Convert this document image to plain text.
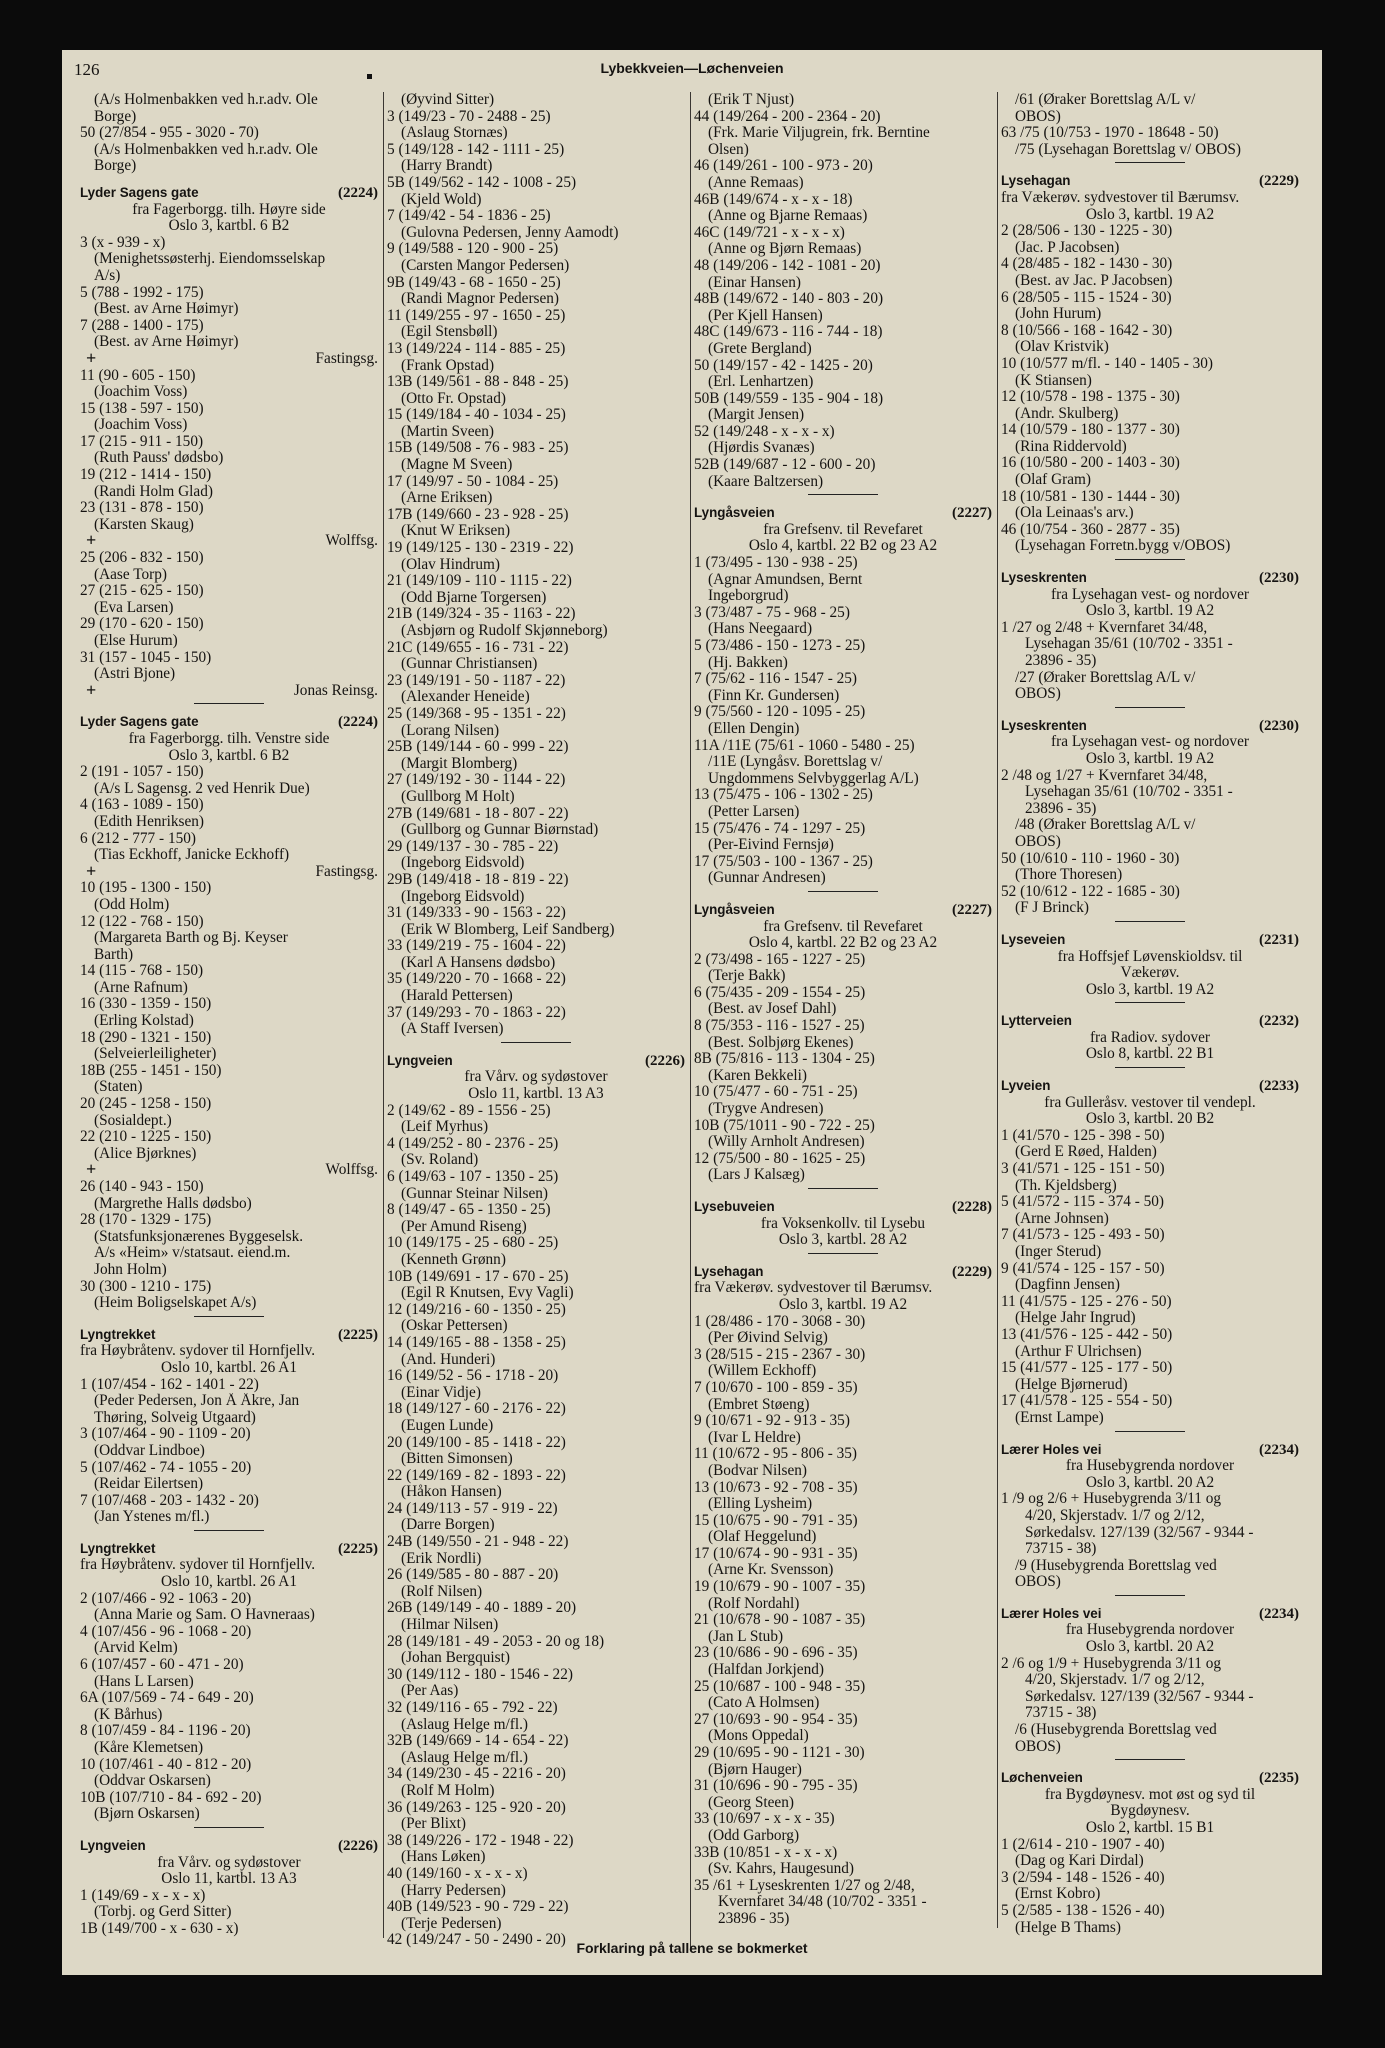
126	Lybekkveien—Løchenveien
(A/s Holmenbakken ved h.r.adv. Ole
Borge)
50 (27/854 - 955 - 3020 - 70)
(A/s Holmenbakken ved h.r.adv. Ole
Borge)
Lyder Sagens gate	(2224)
fra Fagerborgg. tilh. Høyre side
Oslo 3, kartbl. 6 B2
3 (x - 939 - x)
(Menighetssøsterhj. Eiendomsselskap
A/s)
5 (788 - 1992 - 175)
(Best. av Arne Høimyr)
7 (288 - 1400 - 175)
(Best. av Arne Høimyr)
+	Fastingsg.
11 (90 - 605 - 150)
(Joachim Voss)
15 (138 - 597 - 150)
(Joachim Voss)
17 (215 - 911 - 150)
(Ruth Pauss' dødsbo)
19 (212 - 1414 - 150)
(Randi Holm Glad)
23 (131 - 878 - 150)
(Karsten Skaug)
+	Wolffsg.
25 (206 - 832 - 150)
(Aase Torp)
27 (215 - 625 - 150)
(Eva Larsen)
29 (170 - 620 - 150)
(Else Hurum)
31 (157 - 1045 - 150)
(Astri Bjone)
+	Jonas Reinsg.
Lyder Sagens gate	(2224)
fra Fagerborgg. tilh. Venstre side
Oslo 3, kartbl. 6 B2
2 (191 - 1057 - 150)
(A/s L Sagensg. 2 ved Henrik Due)
4 (163 - 1089 - 150)
(Edith Henriksen)
6 (212 - 777 - 150)
(Tias Eckhoff, Janicke Eckhoff)
+	Fastingsg.
10 (195 - 1300 - 150)
(Odd Holm)
12 (122 - 768 - 150)
(Margareta Barth og Bj. Keyser
Barth)
14 (115 - 768 - 150)
(Arne Rafnum)
16 (330 - 1359 - 150)
(Erling Kolstad)
18 (290 - 1321 - 150)
(Selveierleiligheter)
18B (255 - 1451 - 150)
(Staten)
20 (245 - 1258 - 150)
(Sosialdept.)
22 (210 - 1225 - 150)
(Alice Bjørknes)
+	Wolffsg.
26 (140 - 943 - 150)
(Margrethe Halls dødsbo)
28 (170 - 1329 - 175)
(Statsfunksjonærenes Byggeselsk.
A/s «Heim» v/statsaut. eiend.m.
John Holm)
30 (300 - 1210 - 175)
(Heim Boligselskapet A/s)
Lyngtrekket	(2225)
fra Høybråtenv. sydover til Hornfjellv.
Oslo 10, kartbl. 26 A1
1 (107/454 - 162 - 1401 - 22)
(Peder Pedersen, Jon Å Åkre, Jan
Thøring, Solveig Utgaard)
3 (107/464 - 90 - 1109 - 20)
(Oddvar Lindboe)
5 (107/462 - 74 - 1055 - 20)
(Reidar Eilertsen)
7 (107/468 - 203 - 1432 - 20)
(Jan Ystenes m/fl.)
Lyngtrekket	(2225)
fra Høybråtenv. sydover til Hornfjellv.
Oslo 10, kartbl. 26 A1
2 (107/466 - 92 - 1063 - 20)
(Anna Marie og Sam. O Havneraas)
4 (107/456 - 96 - 1068 - 20)
(Arvid Kelm)
6 (107/457 - 60 - 471 - 20)
(Hans L Larsen)
6A (107/569 - 74 - 649 - 20)
(K Bårhus)
8 (107/459 - 84 - 1196 - 20)
(Kåre Klemetsen)
10 (107/461 - 40 - 812 - 20)
(Oddvar Oskarsen)
10B (107/710 - 84 - 692 - 20)
(Bjørn Oskarsen)
Lyngveien	(2226)
fra Vårv. og sydøstover
Oslo 11, kartbl. 13 A3
1 (149/69 - x - x - x)
(Torbj. og Gerd Sitter)
1B (149/700 - x - 630 - x)
(Øyvind Sitter)
3 (149/23 - 70 - 2488 - 25)
(Aslaug Stornæs)
5 (149/128 - 142 - 1111 - 25)
(Harry Brandt)
5B (149/562 - 142 - 1008 - 25)
(Kjeld Wold)
7 (149/42 - 54 - 1836 - 25)
(Gulovna Pedersen, Jenny Aamodt)
9 (149/588 - 120 - 900 - 25)
(Carsten Mangor Pedersen)
9B (149/43 - 68 - 1650 - 25)
(Randi Magnor Pedersen)
11 (149/255 - 97 - 1650 - 25)
(Egil Stensbøll)
13 (149/224 - 114 - 885 - 25)
(Frank Opstad)
13B (149/561 - 88 - 848 - 25)
(Otto Fr. Opstad)
15 (149/184 - 40 - 1034 - 25)
(Martin Sveen)
15B (149/508 - 76 - 983 - 25)
(Magne M Sveen)
17 (149/97 - 50 - 1084 - 25)
(Arne Eriksen)
17B (149/660 - 23 - 928 - 25)
(Knut W Eriksen)
19 (149/125 - 130 - 2319 - 22)
(Olav Hindrum)
21 (149/109 - 110 - 1115 - 22)
(Odd Bjarne Torgersen)
21B (149/324 - 35 - 1163 - 22)
(Asbjørn og Rudolf Skjønneborg)
21C (149/655 - 16 - 731 - 22)
(Gunnar Christiansen)
23 (149/191 - 50 - 1187 - 22)
(Alexander Heneide)
25 (149/368 - 95 - 1351 - 22)
(Lorang Nilsen)
25B (149/144 - 60 - 999 - 22)
(Margit Blomberg)
27 (149/192 - 30 - 1144 - 22)
(Gullborg M Holt)
27B (149/681 - 18 - 807 - 22)
(Gullborg og Gunnar Biørnstad)
29 (149/137 - 30 - 785 - 22)
(Ingeborg Eidsvold)
29B (149/418 - 18 - 819 - 22)
(Ingeborg Eidsvold)
31 (149/333 - 90 - 1563 - 22)
(Erik W Blomberg, Leif Sandberg)
33 (149/219 - 75 - 1604 - 22)
(Karl A Hansens dødsbo)
35 (149/220 - 70 - 1668 - 22)
(Harald Pettersen)
37 (149/293 - 70 - 1863 - 22)
(A Staff Iversen)
Lyngveien	(2226)
fra Vårv. og sydøstover
Oslo 11, kartbl. 13 A3
2 (149/62 - 89 - 1556 - 25)
(Leif Myrhus)
4 (149/252 - 80 - 2376 - 25)
(Sv. Roland)
6 (149/63 - 107 - 1350 - 25)
(Gunnar Steinar Nilsen)
8 (149/47 - 65 - 1350 - 25)
(Per Amund Riseng)
10 (149/175 - 25 - 680 - 25)
(Kenneth Grønn)
10B (149/691 - 17 - 670 - 25)
(Egil R Knutsen, Evy Vagli)
12 (149/216 - 60 - 1350 - 25)
(Oskar Pettersen)
14 (149/165 - 88 - 1358 - 25)
(And. Hunderi)
16 (149/52 - 56 - 1718 - 20)
(Einar Vidje)
18 (149/127 - 60 - 2176 - 22)
(Eugen Lunde)
20 (149/100 - 85 - 1418 - 22)
(Bitten Simonsen)
22 (149/169 - 82 - 1893 - 22)
(Håkon Hansen)
24 (149/113 - 57 - 919 - 22)
(Darre Borgen)
24B (149/550 - 21 - 948 - 22)
(Erik Nordli)
26 (149/585 - 80 - 887 - 20)
(Rolf Nilsen)
26B (149/149 - 40 - 1889 - 20)
(Hilmar Nilsen)
28 (149/181 - 49 - 2053 - 20 og 18)
(Johan Bergquist)
30 (149/112 - 180 - 1546 - 22)
(Per Aas)
32 (149/116 - 65 - 792 - 22)
(Aslaug Helge m/fl.)
32B (149/669 - 14 - 654 - 22)
(Aslaug Helge m/fl.)
34 (149/230 - 45 - 2216 - 20)
(Rolf M Holm)
36 (149/263 - 125 - 920 - 20)
(Per Blixt)
38 (149/226 - 172 - 1948 - 22)
(Hans Løken)
40 (149/160 - x - x - x)
(Harry Pedersen)
40B (149/523 - 90 - 729 - 22)
(Terje Pedersen)
42 (149/247 - 50 - 2490 - 20)
(Erik T Njust)
44 (149/264 - 200 - 2364 - 20)
(Frk. Marie Viljugrein, frk. Berntine
Olsen)
46 (149/261 - 100 - 973 - 20)
(Anne Remaas)
46B (149/674 - x - x - 18)
(Anne og Bjarne Remaas)
46C (149/721 - x - x - x)
(Anne og Bjørn Remaas)
48 (149/206 - 142 - 1081 - 20)
(Einar Hansen)
48B (149/672 - 140 - 803 - 20)
(Per Kjell Hansen)
48C (149/673 - 116 - 744 - 18)
(Grete Bergland)
50 (149/157 - 42 - 1425 - 20)
(Erl. Lenhartzen)
50B (149/559 - 135 - 904 - 18)
(Margit Jensen)
52 (149/248 - x - x - x)
(Hjørdis Svanæs)
52B (149/687 - 12 - 600 - 20)
(Kaare Baltzersen)
Lyngåsveien	(2227)
fra Grefsenv. til Revefaret
Oslo 4, kartbl. 22 B2 og 23 A2
1 (73/495 - 130 - 938 - 25)
(Agnar Amundsen, Bernt
Ingeborgrud)
3 (73/487 - 75 - 968 - 25)
(Hans Neegaard)
5 (73/486 - 150 - 1273 - 25)
(Hj. Bakken)
7 (75/62 - 116 - 1547 - 25)
(Finn Kr. Gundersen)
9 (75/560 - 120 - 1095 - 25)
(Ellen Dengin)
11A /11E (75/61 - 1060 - 5480 - 25)
/11E (Lyngåsv. Borettslag v/
Ungdommens Selvbyggerlag A/L)
13 (75/475 - 106 - 1302 - 25)
(Petter Larsen)
15 (75/476 - 74 - 1297 - 25)
(Per-Eivind Fernsjø)
17 (75/503 - 100 - 1367 - 25)
(Gunnar Andresen)
Lyngåsveien	(2227)
fra Grefsenv. til Revefaret
Oslo 4, kartbl. 22 B2 og 23 A2
2 (73/498 - 165 - 1227 - 25)
(Terje Bakk)
6 (75/435 - 209 - 1554 - 25)
(Best. av Josef Dahl)
8 (75/353 - 116 - 1527 - 25)
(Best. Solbjørg Ekenes)
8B (75/816 - 113 - 1304 - 25)
(Karen Bekkeli)
10 (75/477 - 60 - 751 - 25)
(Trygve Andresen)
10B (75/1011 - 90 - 722 - 25)
(Willy Arnholt Andresen)
12 (75/500 - 80 - 1625 - 25)
(Lars J Kalsæg)
Lysebuveien	(2228)
fra Voksenkollv. til Lysebu
Oslo 3, kartbl. 28 A2
Lysehagan	(2229)
fra Vækerøv. sydvestover til Bærumsv.
Oslo 3, kartbl. 19 A2
1 (28/486 - 170 - 3068 - 30)
(Per Øivind Selvig)
3 (28/515 - 215 - 2367 - 30)
(Willem Eckhoff)
7 (10/670 - 100 - 859 - 35)
(Embret Støeng)
9 (10/671 - 92 - 913 - 35)
(Ivar L Heldre)
11 (10/672 - 95 - 806 - 35)
(Bodvar Nilsen)
13 (10/673 - 92 - 708 - 35)
(Elling Lysheim)
15 (10/675 - 90 - 791 - 35)
(Olaf Heggelund)
17 (10/674 - 90 - 931 - 35)
(Arne Kr. Svensson)
19 (10/679 - 90 - 1007 - 35)
(Rolf Nordahl)
21 (10/678 - 90 - 1087 - 35)
(Jan L Stub)
23 (10/686 - 90 - 696 - 35)
(Halfdan Jorkjend)
25 (10/687 - 100 - 948 - 35)
(Cato A Holmsen)
27 (10/693 - 90 - 954 - 35)
(Mons Oppedal)
29 (10/695 - 90 - 1121 - 30)
(Bjørn Hauger)
31 (10/696 - 90 - 795 - 35)
(Georg Steen)
33 (10/697 - x - x - 35)
(Odd Garborg)
33B (10/851 - x - x - x)
(Sv. Kahrs, Haugesund)
35 /61 + Lyseskrenten 1/27 og 2/48,
Kvernfaret 34/48 (10/702 - 3351 -
23896 - 35)
/61 (Øraker Borettslag A/L v/
OBOS)
63 /75 (10/753 - 1970 - 18648 - 50)
/75 (Lysehagan Borettslag v/ OBOS)
Lysehagan	(2229)
fra Vækerøv. sydvestover til Bærumsv.
Oslo 3, kartbl. 19 A2
2 (28/506 - 130 - 1225 - 30)
(Jac. P Jacobsen)
4 (28/485 - 182 - 1430 - 30)
(Best. av Jac. P Jacobsen)
6 (28/505 - 115 - 1524 - 30)
(John Hurum)
8 (10/566 - 168 - 1642 - 30)
(Olav Kristvik)
10 (10/577 m/fl. - 140 - 1405 - 30)
(K Stiansen)
12 (10/578 - 198 - 1375 - 30)
(Andr. Skulberg)
14 (10/579 - 180 - 1377 - 30)
(Rina Riddervold)
16 (10/580 - 200 - 1403 - 30)
(Olaf Gram)
18 (10/581 - 130 - 1444 - 30)
(Ola Leinaas's arv.)
46 (10/754 - 360 - 2877 - 35)
(Lysehagan Forretn.bygg v/OBOS)
Lyseskrenten	(2230)
fra Lysehagan vest- og nordover
Oslo 3, kartbl. 19 A2
1 /27 og 2/48 + Kvernfaret 34/48,
Lysehagan 35/61 (10/702 - 3351 -
23896 - 35)
/27 (Øraker Borettslag A/L v/
OBOS)
Lyseskrenten	(2230)
fra Lysehagan vest- og nordover
Oslo 3, kartbl. 19 A2
2 /48 og 1/27 + Kvernfaret 34/48,
Lysehagan 35/61 (10/702 - 3351 -
23896 - 35)
/48 (Øraker Borettslag A/L v/
OBOS)
50 (10/610 - 110 - 1960 - 30)
(Thore Thoresen)
52 (10/612 - 122 - 1685 - 30)
(F J Brinck)
Lyseveien	(2231)
fra Hoffsjef Løvenskioldsv. til
Vækerøv.
Oslo 3, kartbl. 19 A2
Lytterveien	(2232)
fra Radiov. sydover
Oslo 8, kartbl. 22 B1
Lyveien	(2233)
fra Gulleråsv. vestover til vendepl.
Oslo 3, kartbl. 20 B2
1 (41/570 - 125 - 398 - 50)
(Gerd E Røed, Halden)
3 (41/571 - 125 - 151 - 50)
(Th. Kjeldsberg)
5 (41/572 - 115 - 374 - 50)
(Arne Johnsen)
7 (41/573 - 125 - 493 - 50)
(Inger Sterud)
9 (41/574 - 125 - 157 - 50)
(Dagfinn Jensen)
11 (41/575 - 125 - 276 - 50)
(Helge Jahr Ingrud)
13 (41/576 - 125 - 442 - 50)
(Arthur F Ulrichsen)
15 (41/577 - 125 - 177 - 50)
(Helge Bjørnerud)
17 (41/578 - 125 - 554 - 50)
(Ernst Lampe)
Lærer Holes vei	(2234)
fra Husebygrenda nordover
Oslo 3, kartbl. 20 A2
1 /9 og 2/6 + Husebygrenda 3/11 og
4/20, Skjerstadv. 1/7 og 2/12,
Sørkedalsv. 127/139 (32/567 - 9344 -
73715 - 38)
/9 (Husebygrenda Borettslag ved
OBOS)
Lærer Holes vei	(2234)
fra Husebygrenda nordover
Oslo 3, kartbl. 20 A2
2 /6 og 1/9 + Husebygrenda 3/11 og
4/20, Skjerstadv. 1/7 og 2/12,
Sørkedalsv. 127/139 (32/567 - 9344 -
73715 - 38)
/6 (Husebygrenda Borettslag ved
OBOS)
Løchenveien	(2235)
fra Bygdøynesv. mot øst og syd til
Bygdøynesv.
Oslo 2, kartbl. 15 B1
1 (2/614 - 210 - 1907 - 40)
(Dag og Kari Dirdal)
3 (2/594 - 148 - 1526 - 40)
(Ernst Kobro)
5 (2/585 - 138 - 1526 - 40)
(Helge B Thams)
Forklaring på tallene se bokmerket
